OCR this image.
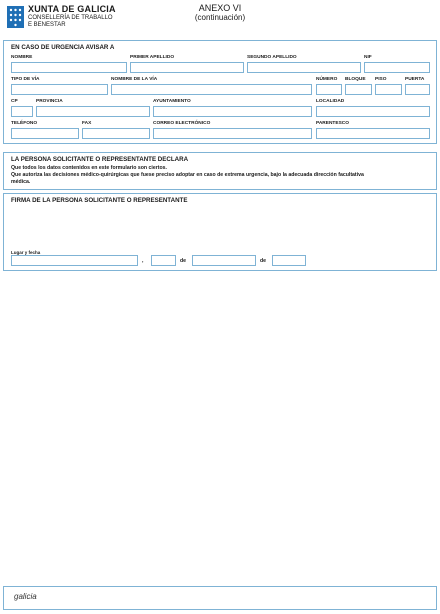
XUNTA DE GALICIA
CONSELLERÍA DE TRABALLO
E BENESTAR
ANEXO VI
(continuación)
EN CASO DE URGENCIA AVISAR A
NOMBRE	PRIMER APELLIDO	SEGUNDO APELLIDO	NIF
TIPO DE VÍA	NOMBRE DE LA VÍA	NÚMERO BLOQUE PISO	PUERTA
CP	PROVINCIA	AYUNTAMIENTO	LOCALIDAD
TELÉFONO	FAX	CORREO ELECTRÓNICO	PARENTESCO
LA PERSONA SOLICITANTE O REPRESENTANTE DECLARA
Que todos los datos contenidos en este formulario son ciertos.
Que autoriza las decisiones médico-quirúrgicas que fuese preciso adoptar en caso de extrema urgencia, bajo la adecuada dirección facultativa
médica.
FIRMA DE LA PERSONA SOLICITANTE O REPRESENTANTE
Lugar y fecha
,	de	de
galicia
